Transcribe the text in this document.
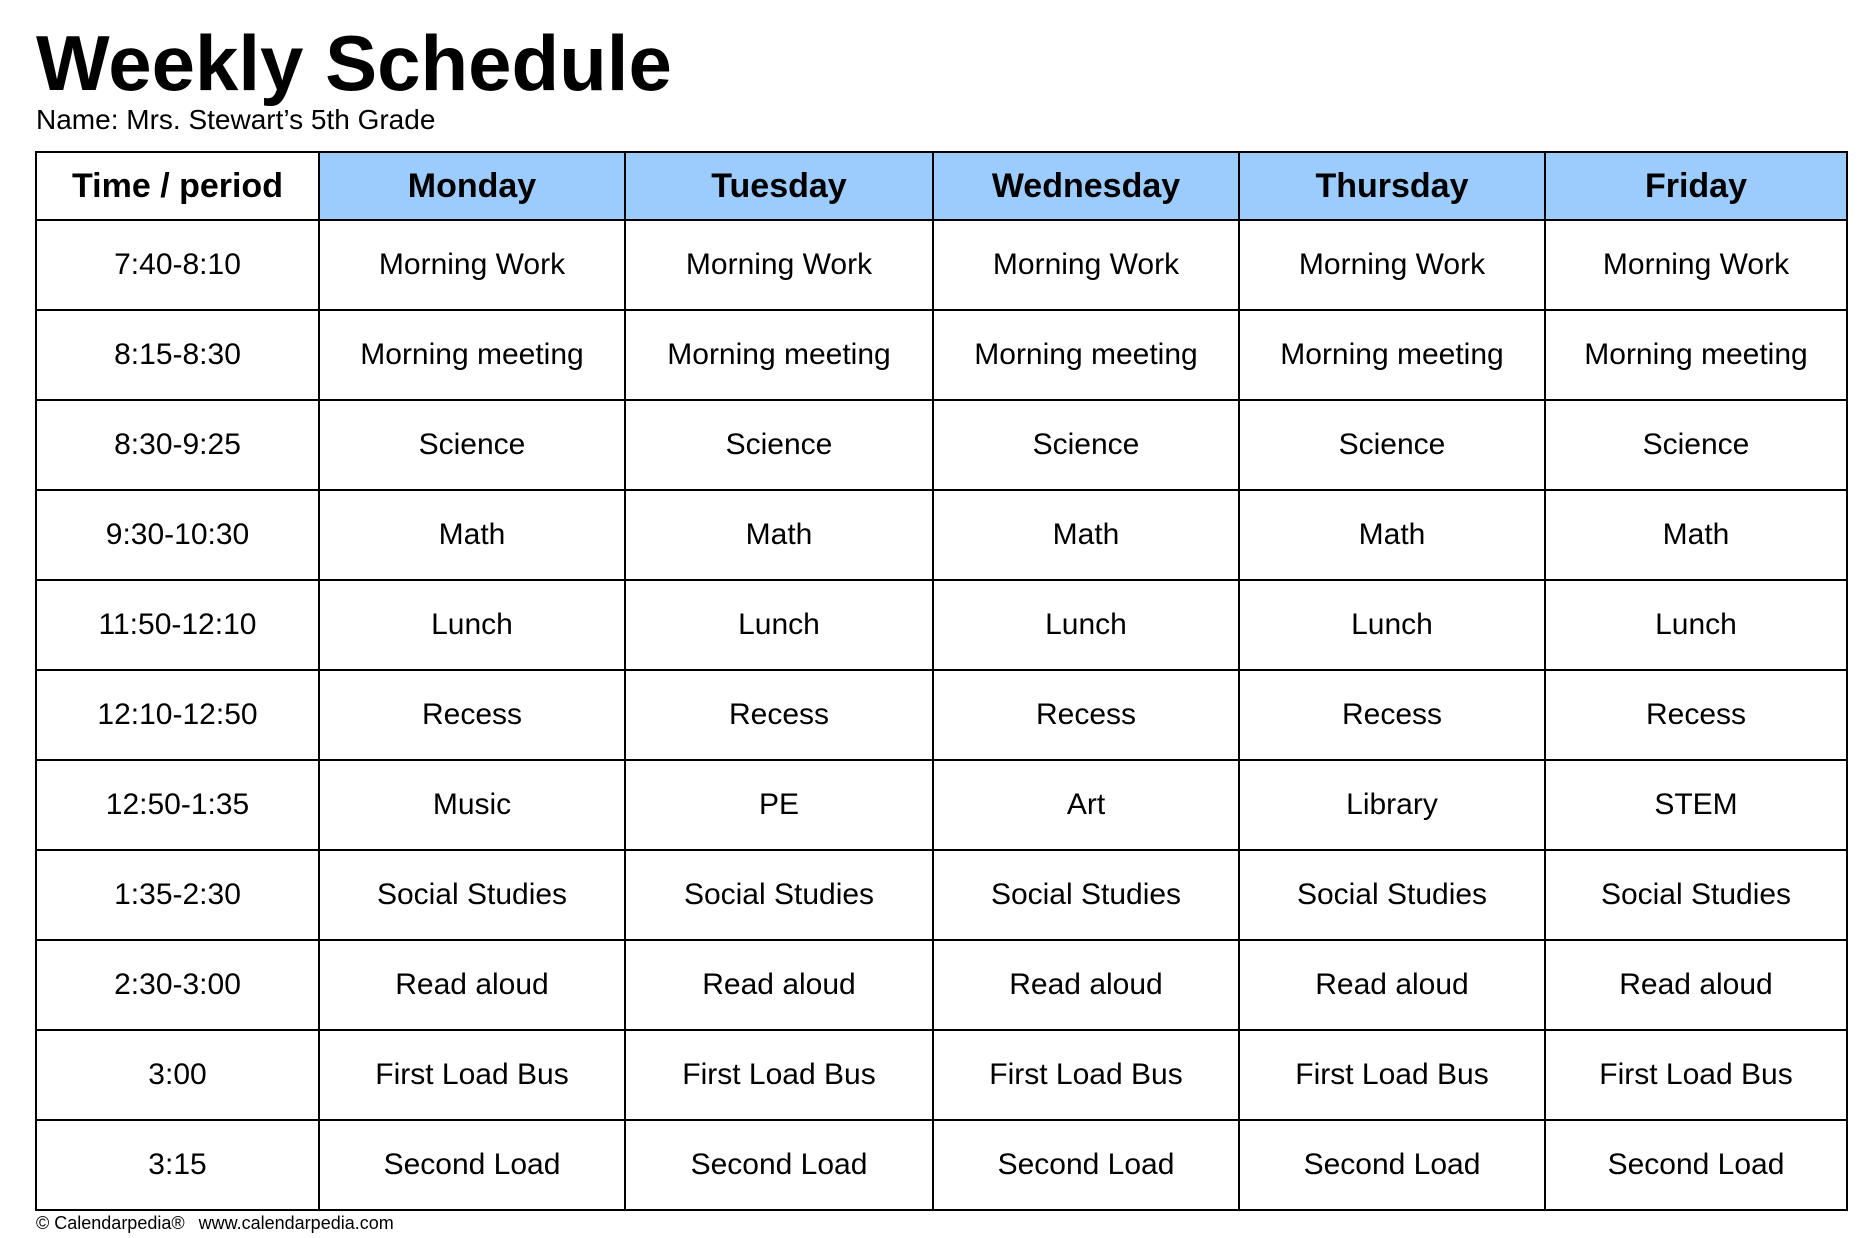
Weekly Schedule
Name: Mrs. Stewart’s 5th Grade
Time / period	Monday	Tuesday	Wednesday	Thursday	Friday
7:40-8:10	Morning Work	Morning Work	Morning Work	Morning Work	Morning Work
8:15-8:30	Morning meeting	Morning meeting	Morning meeting	Morning meeting	Morning meeting
8:30-9:25	Science	Science	Science	Science	Science
9:30-10:30	Math	Math	Math	Math	Math
11:50-12:10	Lunch	Lunch	Lunch	Lunch	Lunch
12:10-12:50	Recess	Recess	Recess	Recess	Recess
12:50-1:35	Music	PE	Art	Library	STEM
1:35-2:30	Social Studies	Social Studies	Social Studies	Social Studies	Social Studies
2:30-3:00	Read aloud	Read aloud	Read aloud	Read aloud	Read aloud
3:00	First Load Bus	First Load Bus	First Load Bus	First Load Bus	First Load Bus
3:15	Second Load	Second Load	Second Load	Second Load	Second Load
© Calendarpedia® www.calendarpedia.com
